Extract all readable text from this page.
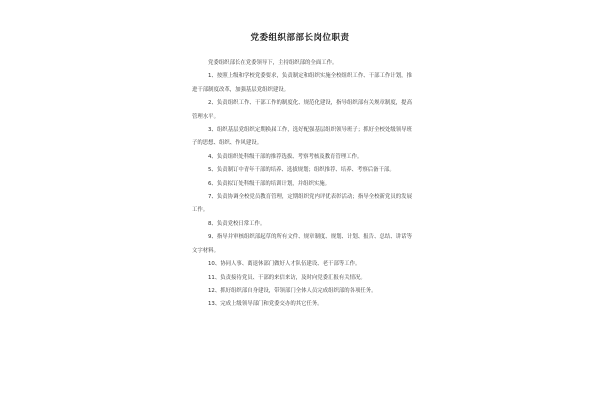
党委组织部部长岗位职责

党委组织部长在党委领导下，主持组织部的全面工作。

1、按照上级和学校党委要求，负责制定和组织实施全校组织工作、干部工作计划，推进干部制度改革，加强基层党组织建设。

2、负责组织工作、干部工作的制度化、规范化建设，指导组织部有关规章制度，提高管理水平。

3、组织基层党组织定期换届工作，选好配强基层组织领导班子；抓好全校处级领导班子的思想、组织、作风建设。

4、负责组织处科级干部的推荐选拔、考察考核及教育管理工作。

5、负责制订中青年干部的培养、选拔规划；组织推荐、培养、考察后备干部。

6、负责拟订处科级干部的培训计划，并组织实施。

7、负责协调全校党员教育管理，定期组织党内评优表彰活动；指导全校新党员的发展工作。

8、负责党校日常工作。

9、指导并审核组织部起草的所有文件、规章制度、规划、计划、报告、总结、讲话等文字材料。

10、协同人事、离退休部门做好人才队伍建设、老干部等工作。

11、负责接待党员、干部的来信来访，及时向党委汇报有关情况。

12、抓好组织部自身建设，带领部门全体人员完成组织部的各项任务。

13、完成上级领导部门和党委交办的其它任务。
